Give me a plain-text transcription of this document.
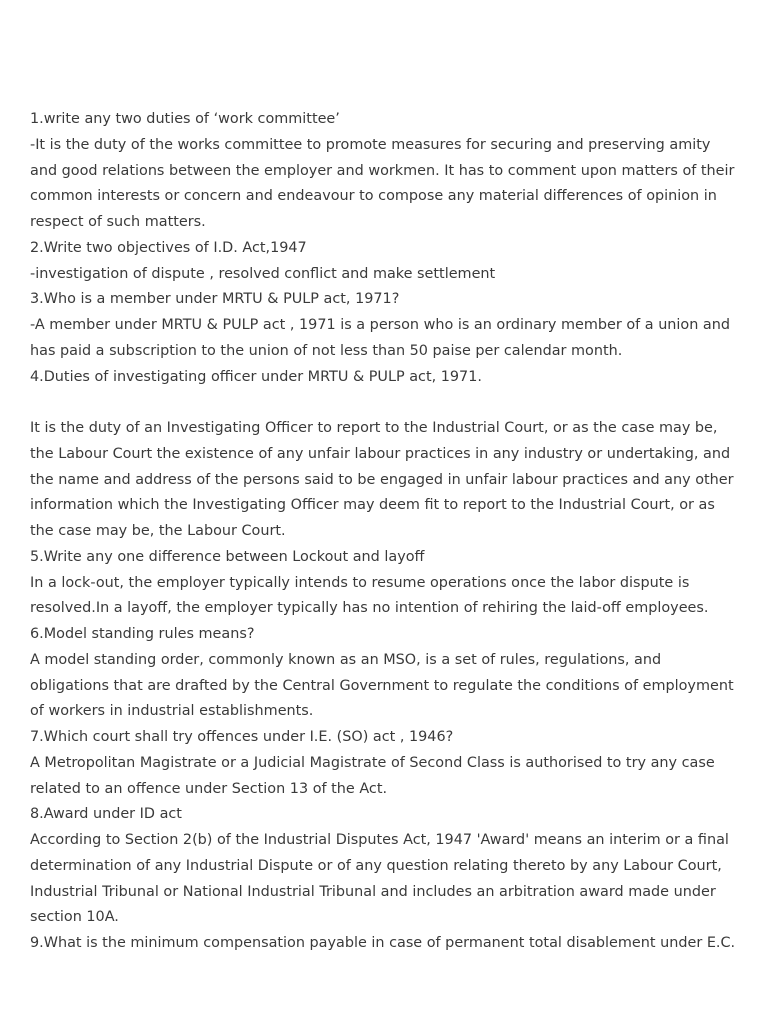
1.write any two duties of ‘work committee’
-It is the duty of the works committee to promote measures for securing and preserving amity
and good relations between the employer and workmen. It has to comment upon matters of their
common interests or concern and endeavour to compose any material differences of opinion in
respect of such matters.
2.Write two objectives of I.D. Act,1947
-investigation of dispute , resolved conflict and make settlement
3.Who is a member under MRTU & PULP act, 1971?
-A member under MRTU & PULP act , 1971 is a person who is an ordinary member of a union and
has paid a subscription to the union of not less than 50 paise per calendar month.
4.Duties of investigating officer under MRTU & PULP act, 1971.
It is the duty of an Investigating Officer to report to the Industrial Court, or as the case may be,
the Labour Court the existence of any unfair labour practices in any industry or undertaking, and
the name and address of the persons said to be engaged in unfair labour practices and any other
information which the Investigating Officer may deem fit to report to the Industrial Court, or as
the case may be, the Labour Court.
5.Write any one difference between Lockout and layoff
In a lock-out, the employer typically intends to resume operations once the labor dispute is
resolved.In a layoff, the employer typically has no intention of rehiring the laid-off employees.
6.Model standing rules means?
A model standing order, commonly known as an MSO, is a set of rules, regulations, and
obligations that are drafted by the Central Government to regulate the conditions of employment
of workers in industrial establishments.
7.Which court shall try offences under I.E. (SO) act , 1946?
A Metropolitan Magistrate or a Judicial Magistrate of Second Class is authorised to try any case
related to an offence under Section 13 of the Act.
8.Award under ID act
According to Section 2(b) of the Industrial Disputes Act, 1947 'Award' means an interim or a final
determination of any Industrial Dispute or of any question relating thereto by any Labour Court,
Industrial Tribunal or National Industrial Tribunal and includes an arbitration award made under
section 10A.
9.What is the minimum compensation payable in case of permanent total disablement under E.C.
